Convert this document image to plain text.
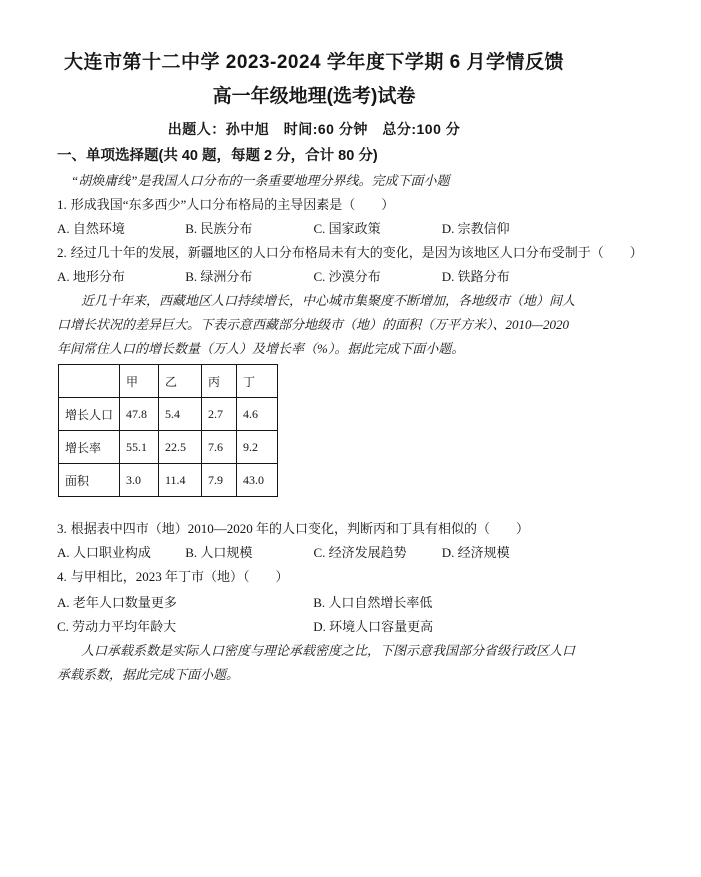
大连市第十二中学 2023-2024 学年度下学期 6 月学情反馈
高一年级地理(选考)试卷
出题人：孙中旭　时间:60 分钟　总分:100 分
一、单项选择题(共 40 题，每题 2 分，合计 80 分)
“胡焕庸线”是我国人口分布的一条重要地理分界线。完成下面小题
1. 形成我国“东多西少”人口分布格局的主导因素是（　　）
A. 自然环境	B. 民族分布	C. 国家政策	D. 宗教信仰
2. 经过几十年的发展，新疆地区的人口分布格局未有大的变化，是因为该地区人口分布受制于（　　）
A. 地形分布	B. 绿洲分布	C. 沙漠分布	D. 铁路分布
近几十年来，西藏地区人口持续增长，中心城市集聚度不断增加，各地级市（地）间人口增长状况的差异巨大。下表示意西藏部分地级市（地）的面积（万平方米）、2010—2020 年间常住人口的增长数量（万人）及增长率（%）。据此完成下面小题。
	甲	乙	丙	丁
增长人口	47.8	5.4	2.7	4.6
增长率	55.1	22.5	7.6	9.2
面积	3.0	11.4	7.9	43.0
3. 根据表中四市（地）2010—2020 年的人口变化，判断丙和丁具有相似的（　　）
A. 人口职业构成	B. 人口规模	C. 经济发展趋势	D. 经济规模
4. 与甲相比，2023 年丁市（地）（　　）
A. 老年人口数量更多	B. 人口自然增长率低
C. 劳动力平均年龄大	D. 环境人口容量更高
人口承载系数是实际人口密度与理论承载密度之比，下图示意我国部分省级行政区人口承载系数，据此完成下面小题。
